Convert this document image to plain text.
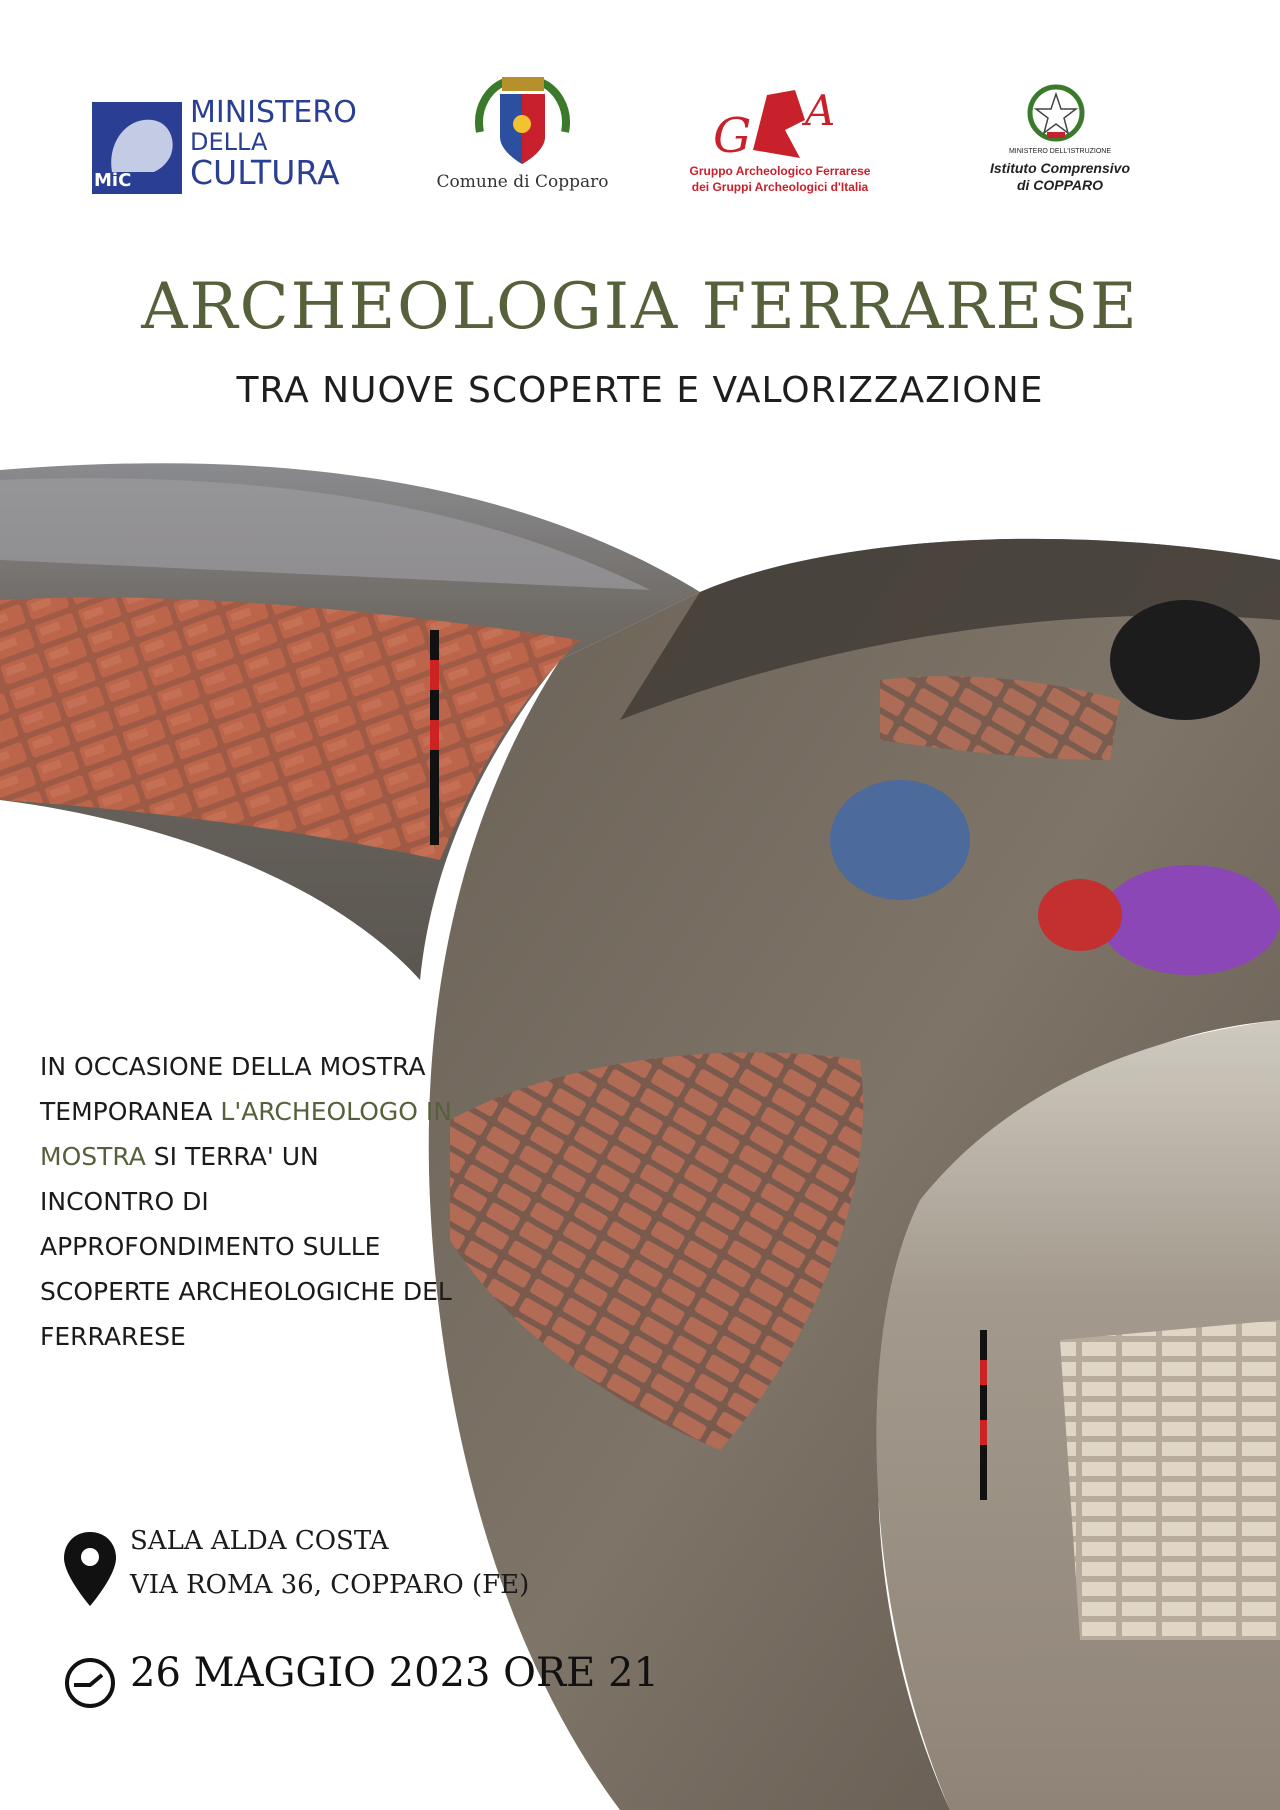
MiC
MINISTERO
DELLA
CULTURA	Comune di Copparo
G A
Gruppo Archeologico Ferrarese
dei Gruppi Archeologici d'Italia
MINISTERO DELL'ISTRUZIONE
Istituto Comprensivo
di COPPARO
ARCHEOLOGIA FERRARESE
TRA NUOVE SCOPERTE E VALORIZZAZIONE
IN OCCASIONE DELLA MOSTRA TEMPORANEA L'ARCHEOLOGO IN MOSTRA SI TERRA' UN INCONTRO DI APPROFONDIMENTO SULLE SCOPERTE ARCHEOLOGICHE DEL FERRARESE
SALA ALDA COSTA
VIA ROMA 36, COPPARO (FE)
26 MAGGIO 2023 ORE 21
